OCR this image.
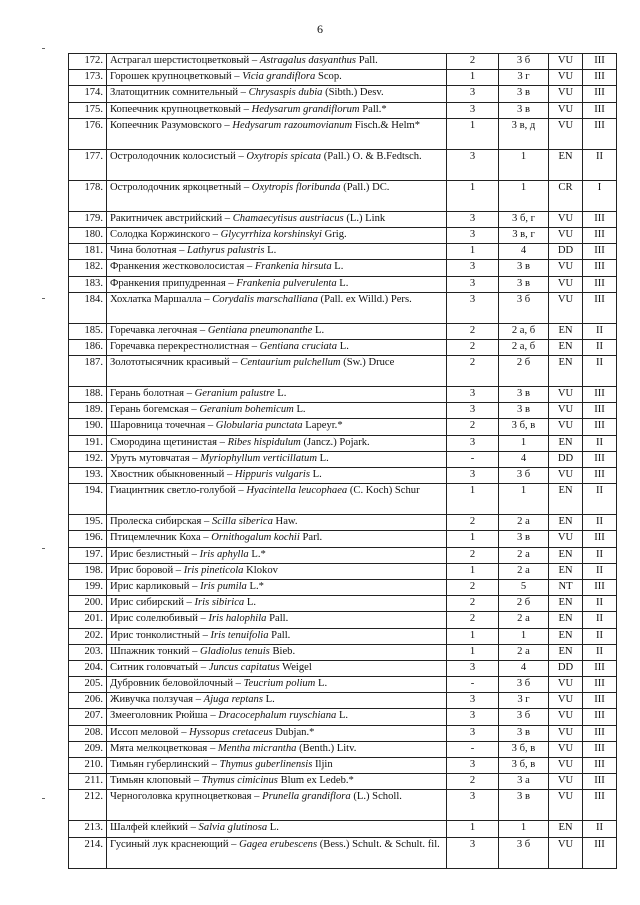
6
172.	Астрагал шерстистоцветковый – Astragalus dasyanthus Pall.	2	3 б	VU	III
173.	Горошек крупноцветковый – Vicia grandiflora Scop.	1	3 г	VU	III
174.	Златощитник сомнительный – Chrysaspis dubia (Sibth.) Desv.	3	3 в	VU	III
175.	Копеечник крупноцветковый – Hedysarum grandiflorum Pall.*	3	3 в	VU	III
176.	Копеечник Разумовского – Hedysarum razoumovianum Fisch.& Helm*	1	3 в, д	VU	III
177.	Остролодочник колосистый – Oxytropis spicata (Pall.) O. & B.Fedtsch.	3	1	EN	II
178.	Остролодочник яркоцветный – Oxytropis floribunda (Pall.) DC.	1	1	CR	I
179.	Ракитничек австрийский – Chamaecytisus austriacus (L.) Link	3	3 б, г	VU	III
180.	Солодка Коржинского – Glycyrrhiza korshinskyi Grig.	3	3 в, г	VU	III
181.	Чина болотная – Lathyrus palustris L.	1	4	DD	III
182.	Франкения жестковолосистая – Frankenia hirsuta L.	3	3 в	VU	III
183.	Франкения припудренная – Frankenia pulverulenta L.	3	3 в	VU	III
184.	Хохлатка Маршалла – Corydalis marschalliana (Pall. ex Willd.) Pers.	3	3 б	VU	III
185.	Горечавка легочная – Gentiana pneumonanthe L.	2	2 а, б	EN	II
186.	Горечавка перекрестнолистная – Gentiana cruciata L.	2	2 а, б	EN	II
187.	Золототысячник красивый – Centaurium pulchellum (Sw.) Druce	2	2 б	EN	II
188.	Герань болотная – Geranium palustre L.	3	3 в	VU	III
189.	Герань богемская – Geranium bohemicum L.	3	3 в	VU	III
190.	Шаровница точечная – Globularia punctata Lapeyr.*	2	3 б, в	VU	III
191.	Смородина щетинистая – Ribes hispidulum (Jancz.) Pojark.	3	1	EN	II
192.	Уруть мутовчатая – Myriophyllum verticillatum L.	-	4	DD	III
193.	Хвостник обыкновенный – Hippuris vulgaris L.	3	3 б	VU	III
194.	Гиацинтник светло-голубой – Hyacintella leucophaea (C. Koch) Schur	1	1	EN	II
195.	Пролеска сибирская – Scilla siberica Haw.	2	2 а	EN	II
196.	Птицемлечник Коха – Ornithogalum kochii Parl.	1	3 в	VU	III
197.	Ирис безлистный – Iris aphylla L.*	2	2 а	EN	II
198.	Ирис боровой – Iris pineticola Klokov	1	2 а	EN	II
199.	Ирис карликовый – Iris pumila L.*	2	5	NT	III
200.	Ирис сибирский – Iris sibirica L.	2	2 б	EN	II
201.	Ирис солелюбивый – Iris halophila Pall.	2	2 а	EN	II
202.	Ирис тонколистный – Iris tenuifolia Pall.	1	1	EN	II
203.	Шпажник тонкий – Gladiolus tenuis Bieb.	1	2 а	EN	II
204.	Ситник головчатый – Juncus capitatus Weigel	3	4	DD	III
205.	Дубровник беловойлочный – Teucrium polium L.	-	3 б	VU	III
206.	Живучка ползучая – Ajuga reptans L.	3	3 г	VU	III
207.	Змееголовник Рюйша – Dracocephalum ruyschiana L.	3	3 б	VU	III
208.	Иссоп меловой – Hyssopus cretaceus Dubjan.*	3	3 в	VU	III
209.	Мята мелкоцветковая – Mentha micrantha (Benth.) Litv.	-	3 б, в	VU	III
210.	Тимьян губерлинский – Thymus guberlinensis Iljin	3	3 б, в	VU	III
211.	Тимьян клоповый – Thymus cimicinus Blum ex Ledeb.*	2	3 а	VU	III
212.	Черноголовка крупноцветковая – Prunella grandiflora (L.) Scholl.	3	3 в	VU	III
213.	Шалфей клейкий – Salvia glutinosa L.	1	1	EN	II
214.	Гусиный лук краснеющий – Gagea erubescens (Bess.) Schult. & Schult. fil.	3	3 б	VU	III
